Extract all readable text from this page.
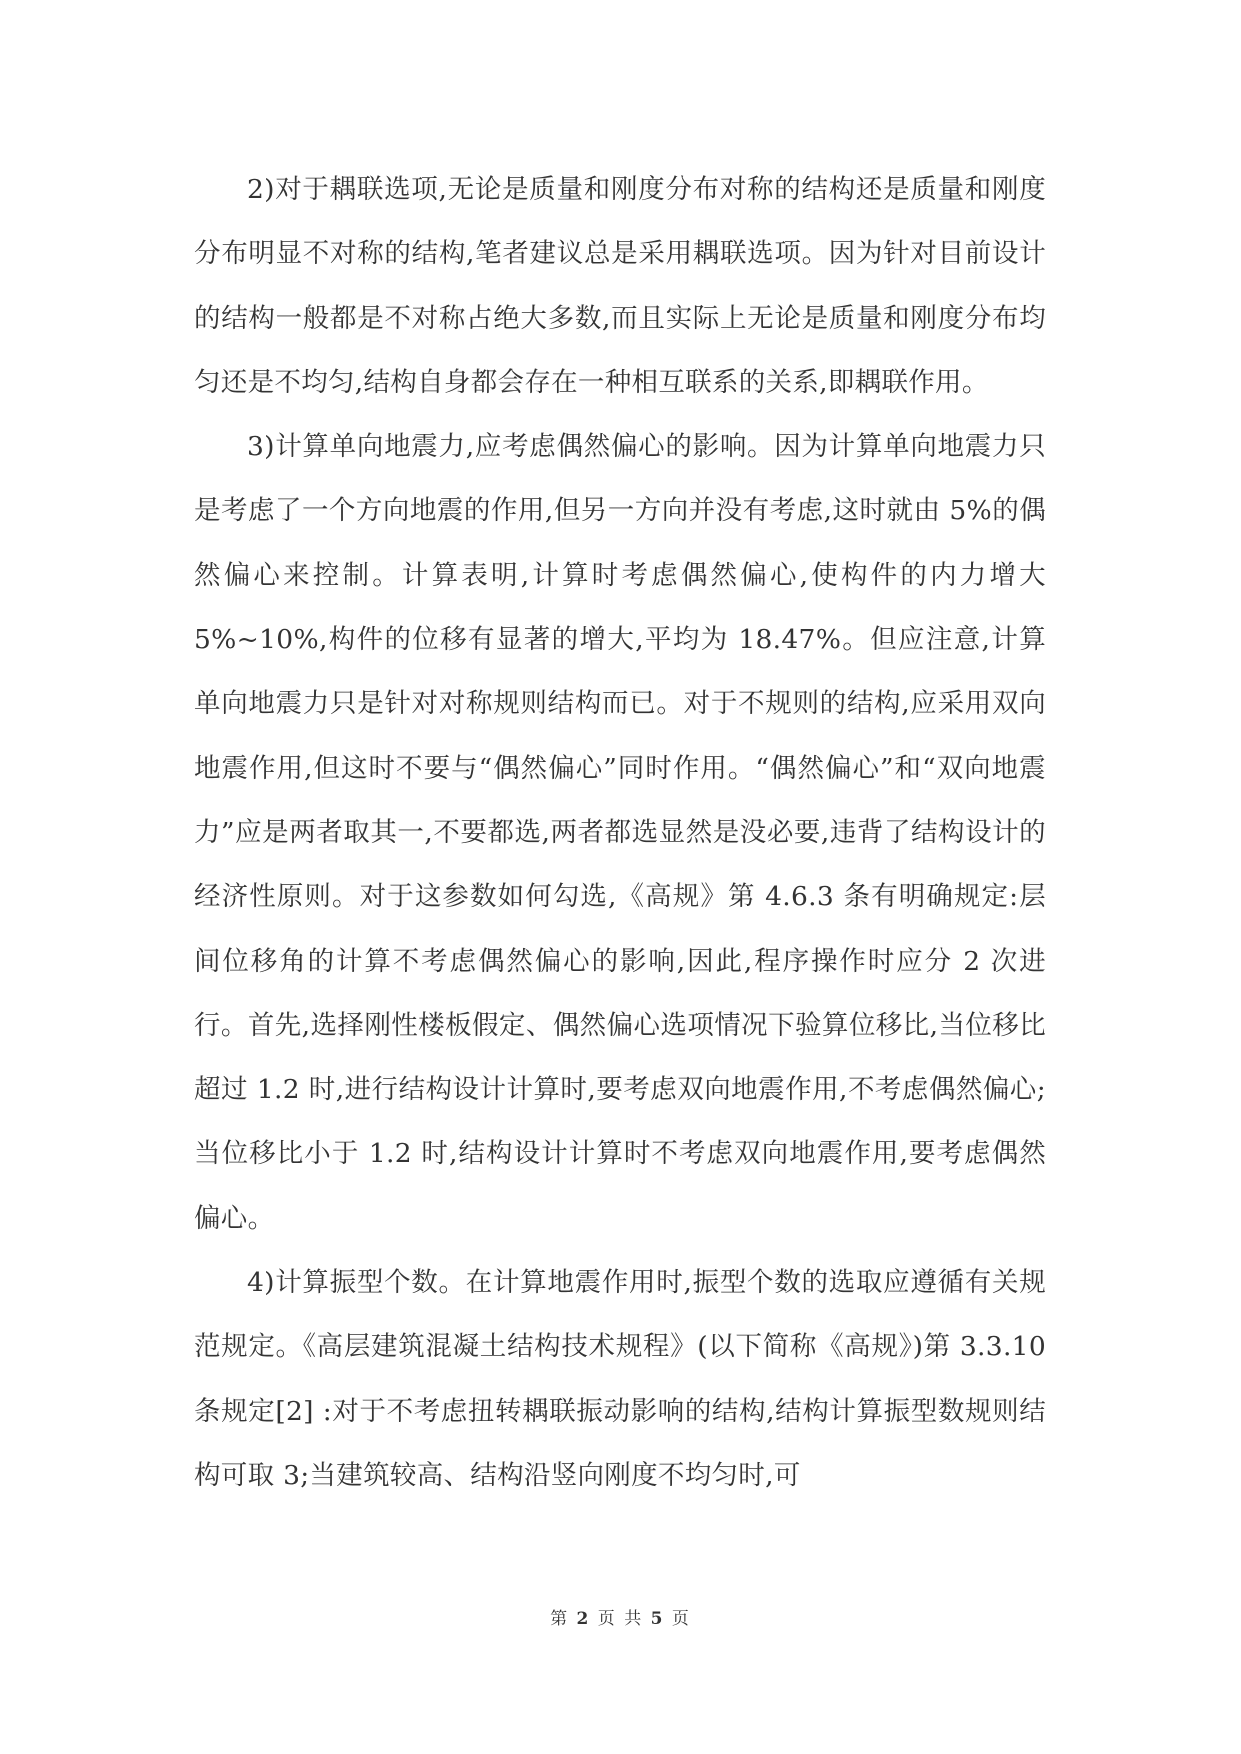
2)对于耦联选项,无论是质量和刚度分布对称的结构还是质量和刚度分布明显不对称的结构,笔者建议总是采用耦联选项。因为针对目前设计的结构一般都是不对称占绝大多数,而且实际上无论是质量和刚度分布均匀还是不均匀,结构自身都会存在一种相互联系的关系,即耦联作用。

3)计算单向地震力,应考虑偶然偏心的影响。因为计算单向地震力只是考虑了一个方向地震的作用,但另一方向并没有考虑,这时就由 5%的偶然偏心来控制。计算表明,计算时考虑偶然偏心,使构件的内力增大 5%~10%,构件的位移有显著的增大,平均为 18.47%。但应注意,计算单向地震力只是针对对称规则结构而已。对于不规则的结构,应采用双向地震作用,但这时不要与“偶然偏心”同时作用。“偶然偏心”和“双向地震力”应是两者取其一,不要都选,两者都选显然是没必要,违背了结构设计的经济性原则。对于这参数如何勾选,《高规》第 4.6.3 条有明确规定:层间位移角的计算不考虑偶然偏心的影响,因此,程序操作时应分 2 次进行。首先,选择刚性楼板假定、偶然偏心选项情况下验算位移比,当位移比超过 1.2 时,进行结构设计计算时,要考虑双向地震作用,不考虑偶然偏心;当位移比小于 1.2 时,结构设计计算时不考虑双向地震作用,要考虑偶然偏心。

4)计算振型个数。在计算地震作用时,振型个数的选取应遵循有关规范规定。《高层建筑混凝土结构技术规程》(以下简称《高规》)第 3.3.10 条规定[2] :对于不考虑扭转耦联振动影响的结构,结构计算振型数规则结构可取 3;当建筑较高、结构沿竖向刚度不均匀时,可

第 2 页 共 5 页
